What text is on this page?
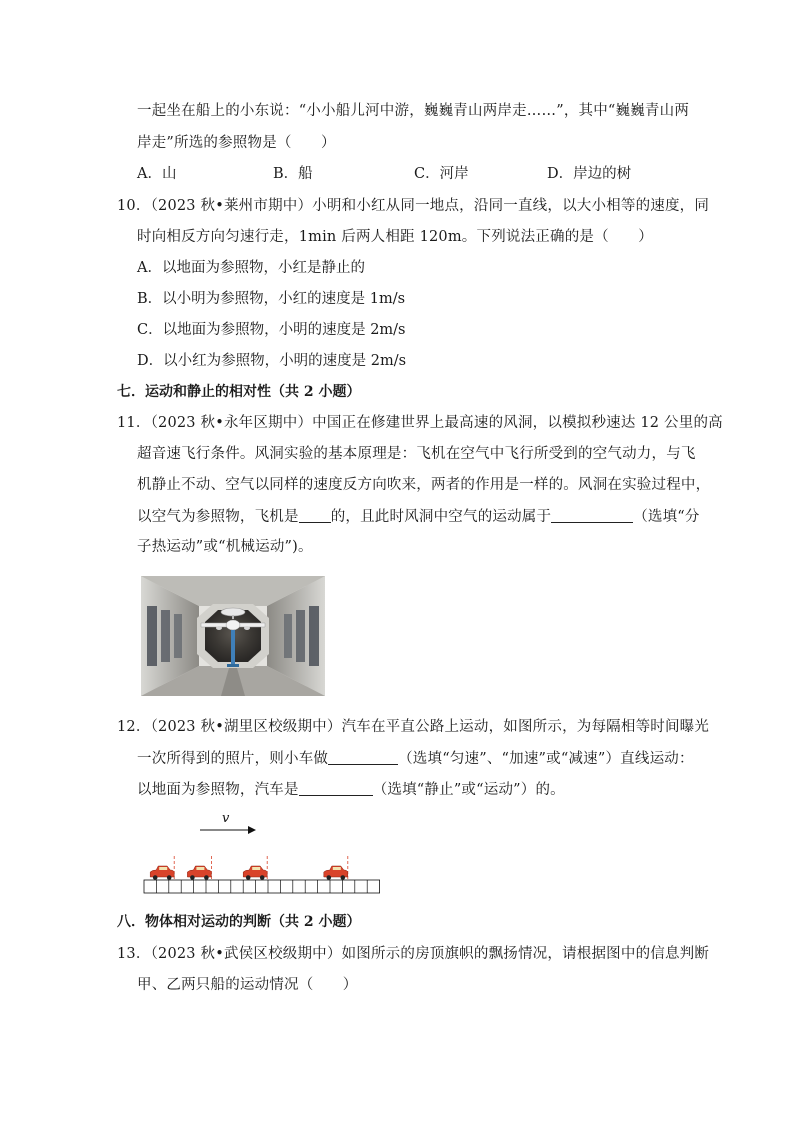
一起坐在船上的小东说：“小小船儿河中游，巍巍青山两岸走……”，其中“巍巍青山两
岸走”所选的参照物是（　　）
A．山	B．船	C．河岸	D．岸边的树
10．（2023 秋•莱州市期中）小明和小红从同一地点，沿同一直线，以大小相等的速度，同
时向相反方向匀速行走，1min 后两人相距 120m。下列说法正确的是（　　）
A．以地面为参照物，小红是静止的
B．以小明为参照物，小红的速度是 1m/s
C．以地面为参照物，小明的速度是 2m/s
D．以小红为参照物，小明的速度是 2m/s
七．运动和静止的相对性（共 2 小题）
11．（2023 秋•永年区期中）中国正在修建世界上最高速的风洞，以模拟秒速达 12 公里的高
超音速飞行条件。风洞实验的基本原理是：飞机在空气中飞行所受到的空气动力，与飞
机静止不动、空气以同样的速度反方向吹来，两者的作用是一样的。风洞在实验过程中，
以空气为参照物，飞机是 的，且此时风洞中空气的运动属于	（选填“分
子热运动”或“机械运动”)。
12．（2023 秋•湖里区校级期中）汽车在平直公路上运动，如图所示，为每隔相等时间曝光
一次所得到的照片，则小车做	（选填“匀速”、“加速”或“减速”）直线运动：
以地面为参照物，汽车是	（选填“静止”或“运动”）的。
v
八．物体相对运动的判断（共 2 小题）
13．（2023 秋•武侯区校级期中）如图所示的房顶旗帜的飘扬情况，请根据图中的信息判断
甲、乙两只船的运动情况（　　）
